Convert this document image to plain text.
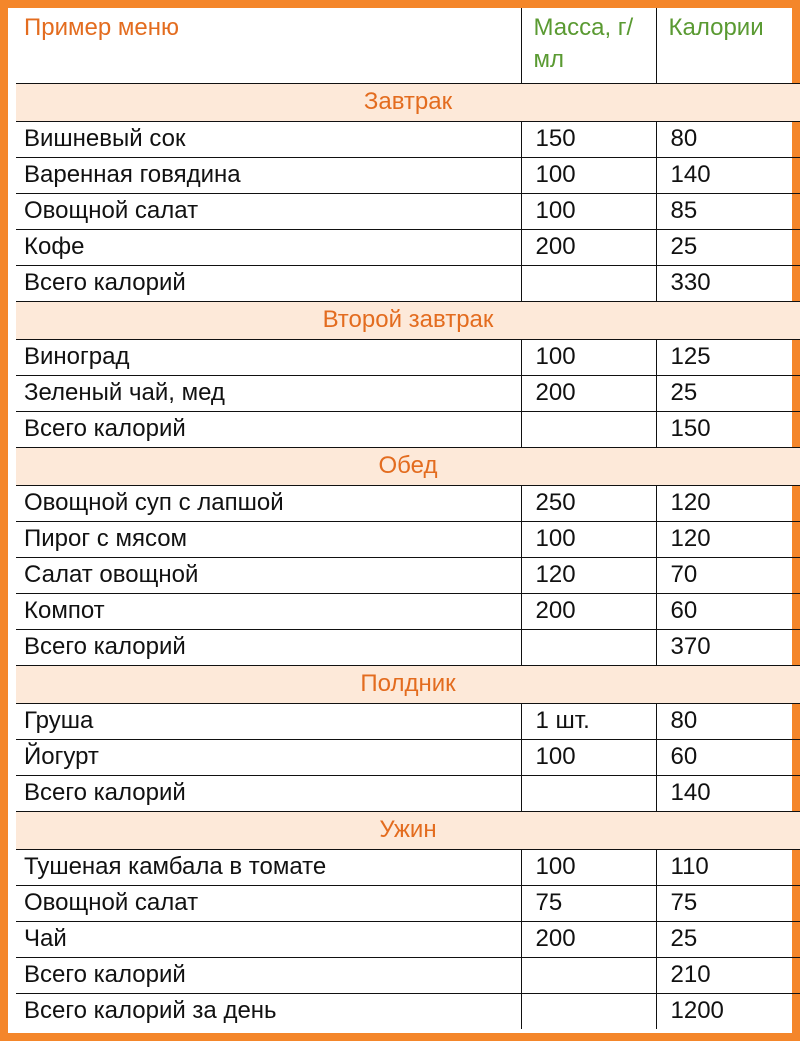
Пример меню	Масса, г/мл	Калории
Завтрак		
Вишневый сок	150	80
Варенная говядина	100	140
Овощной салат	100	85
Кофе	200	25
Всего калорий		330
Второй завтрак		
Виноград	100	125
Зеленый чай, мед	200	25
Всего калорий		150
Обед		
Овощной суп с лапшой	250	120
Пирог с мясом	100	120
Салат овощной	120	70
Компот	200	60
Всего калорий		370
Полдник		
Груша	1 шт.	80
Йогурт	100	60
Всего калорий		140
Ужин		
Тушеная камбала в томате	100	110
Овощной салат	75	75
Чай	200	25
Всего калорий		210
Всего калорий за день		1200
